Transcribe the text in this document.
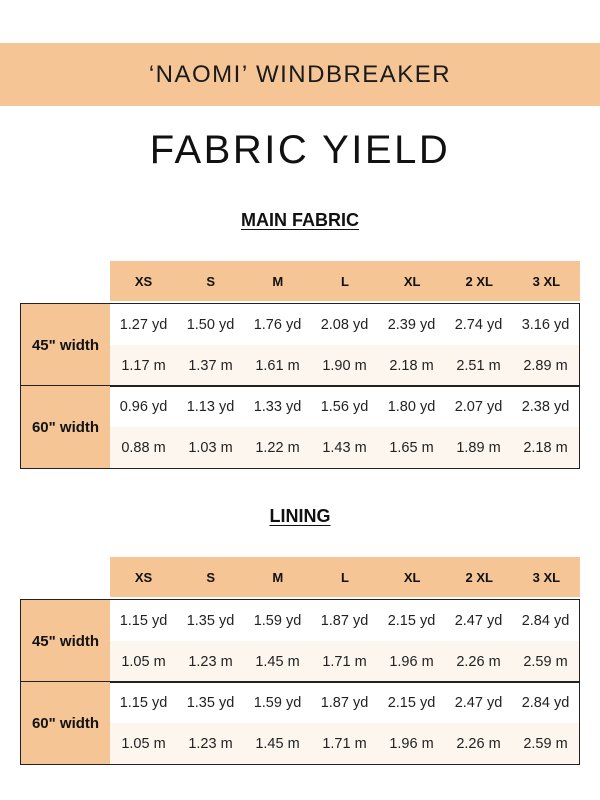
‘NAOMI’ WINDBREAKER
FABRIC YIELD
MAIN FABRIC
XS	S	M	L	XL	2 XL	3 XL
45" width
1.27 yd	1.50 yd	1.76 yd	2.08 yd	2.39 yd	2.74 yd	3.16 yd
1.17 m	1.37 m	1.61 m	1.90 m	2.18 m	2.51 m	2.89 m
60" width
0.96 yd	1.13 yd	1.33 yd	1.56 yd	1.80 yd	2.07 yd	2.38 yd
0.88 m	1.03 m	1.22 m	1.43 m	1.65 m	1.89 m	2.18 m
LINING
XS	S	M	L	XL	2 XL	3 XL
45" width
1.15 yd	1.35 yd	1.59 yd	1.87 yd	2.15 yd	2.47 yd	2.84 yd
1.05 m	1.23 m	1.45 m	1.71 m	1.96 m	2.26 m	2.59 m
60" width
1.15 yd	1.35 yd	1.59 yd	1.87 yd	2.15 yd	2.47 yd	2.84 yd
1.05 m	1.23 m	1.45 m	1.71 m	1.96 m	2.26 m	2.59 m
